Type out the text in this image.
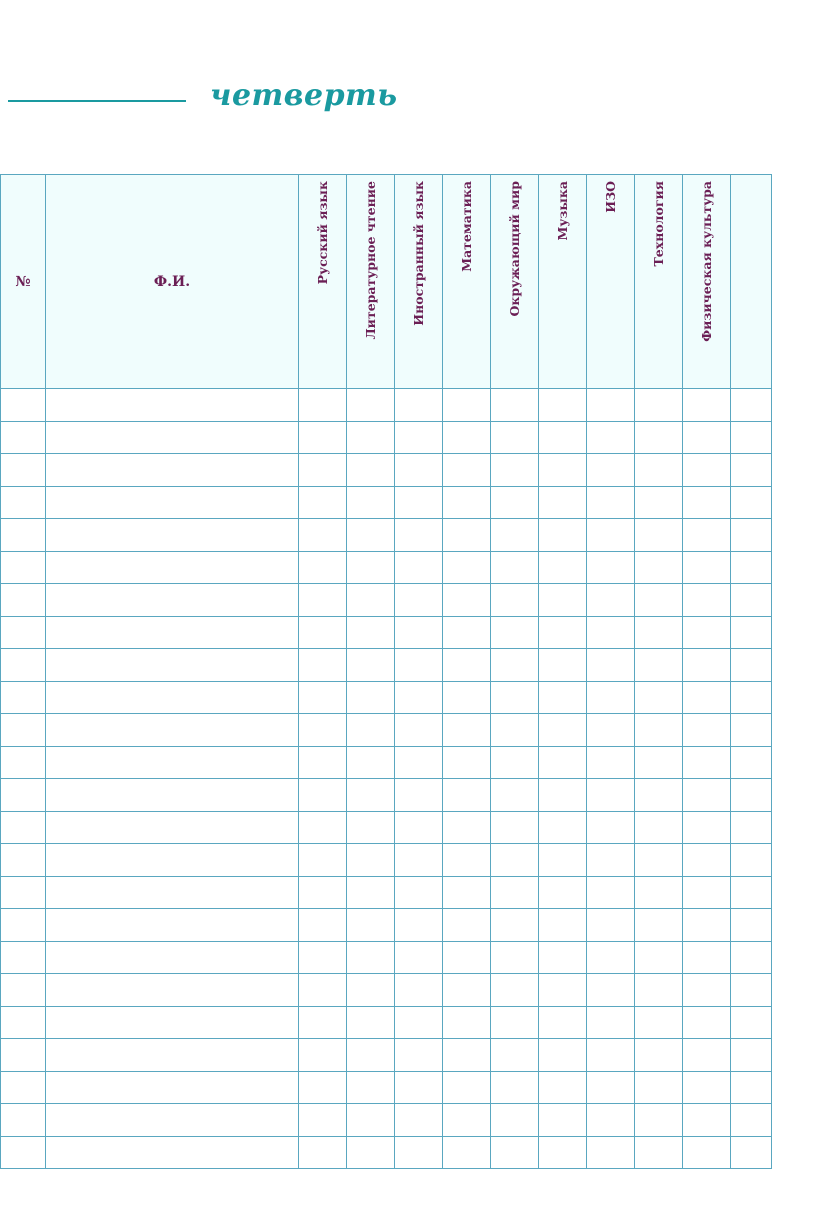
четверть
№	Ф.И.	Русский язык	Литературное чтение	Иностранный язык	Математика	Окружающий мир	Музыка	ИЗО	Технология	Физическая культура	
